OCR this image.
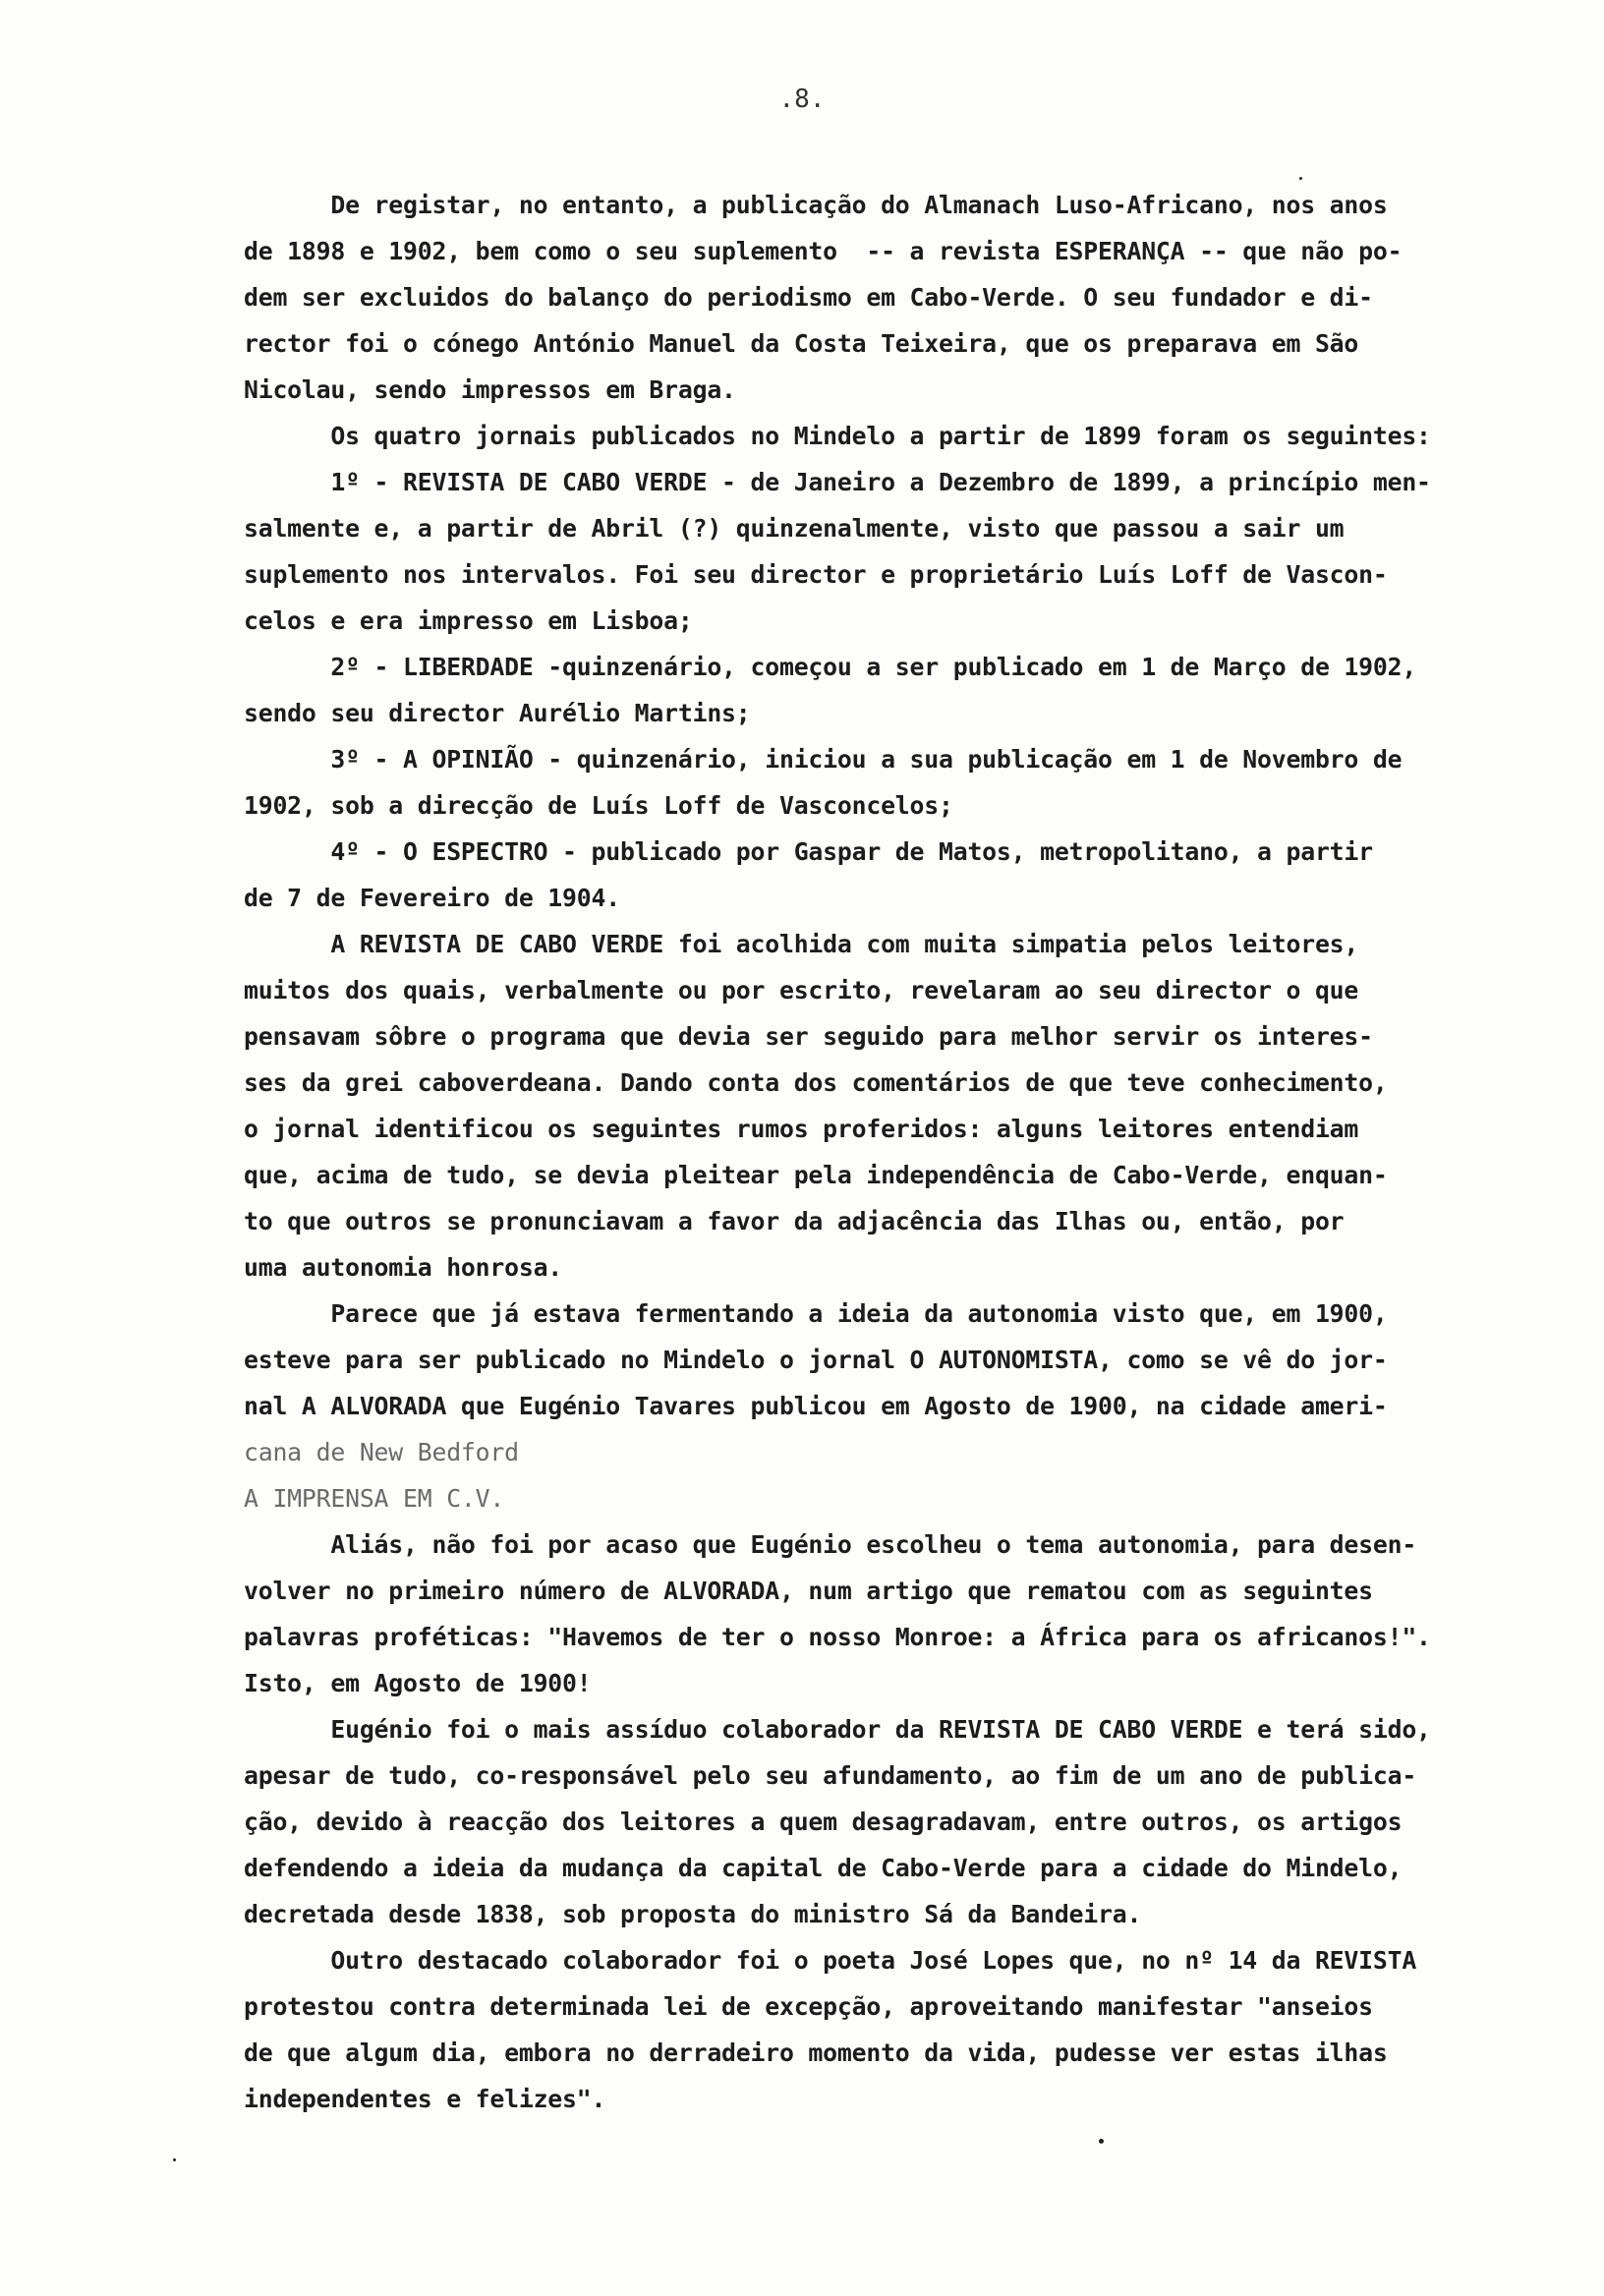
.8.
De registar, no entanto, a publicação do Almanach Luso-Africano, nos anos
de 1898 e 1902, bem como o seu suplemento  -- a revista ESPERANÇA -- que não po-
dem ser excluidos do balanço do periodismo em Cabo-Verde. O seu fundador e di-
rector foi o cónego António Manuel da Costa Teixeira, que os preparava em São
Nicolau, sendo impressos em Braga.
Os quatro jornais publicados no Mindelo a partir de 1899 foram os seguintes:
1º - REVISTA DE CABO VERDE - de Janeiro a Dezembro de 1899, a princípio men-
salmente e, a partir de Abril (?) quinzenalmente, visto que passou a sair um
suplemento nos intervalos. Foi seu director e proprietário Luís Loff de Vascon-
celos e era impresso em Lisboa;
2º - LIBERDADE -quinzenário, começou a ser publicado em 1 de Março de 1902,
sendo seu director Aurélio Martins;
3º - A OPINIÃO - quinzenário, iniciou a sua publicação em 1 de Novembro de
1902, sob a direcção de Luís Loff de Vasconcelos;
4º - O ESPECTRO - publicado por Gaspar de Matos, metropolitano, a partir
de 7 de Fevereiro de 1904.
A REVISTA DE CABO VERDE foi acolhida com muita simpatia pelos leitores,
muitos dos quais, verbalmente ou por escrito, revelaram ao seu director o que
pensavam sôbre o programa que devia ser seguido para melhor servir os interes-
ses da grei caboverdeana. Dando conta dos comentários de que teve conhecimento,
o jornal identificou os seguintes rumos proferidos: alguns leitores entendiam
que, acima de tudo, se devia pleitear pela independência de Cabo-Verde, enquan-
to que outros se pronunciavam a favor da adjacência das Ilhas ou, então, por
uma autonomia honrosa.
Parece que já estava fermentando a ideia da autonomia visto que, em 1900,
esteve para ser publicado no Mindelo o jornal O AUTONOMISTA, como se vê do jor-
nal A ALVORADA que Eugénio Tavares publicou em Agosto de 1900, na cidade ameri-
cana de New Bedford
A IMPRENSA EM C.V.
Aliás, não foi por acaso que Eugénio escolheu o tema autonomia, para desen-
volver no primeiro número de ALVORADA, num artigo que rematou com as seguintes
palavras proféticas: "Havemos de ter o nosso Monroe: a África para os africanos!".
Isto, em Agosto de 1900!
Eugénio foi o mais assíduo colaborador da REVISTA DE CABO VERDE e terá sido,
apesar de tudo, co-responsável pelo seu afundamento, ao fim de um ano de publica-
ção, devido à reacção dos leitores a quem desagradavam, entre outros, os artigos
defendendo a ideia da mudança da capital de Cabo-Verde para a cidade do Mindelo,
decretada desde 1838, sob proposta do ministro Sá da Bandeira.
Outro destacado colaborador foi o poeta José Lopes que, no nº 14 da REVISTA
protestou contra determinada lei de excepção, aproveitando manifestar "anseios
de que algum dia, embora no derradeiro momento da vida, pudesse ver estas ilhas
independentes e felizes".
